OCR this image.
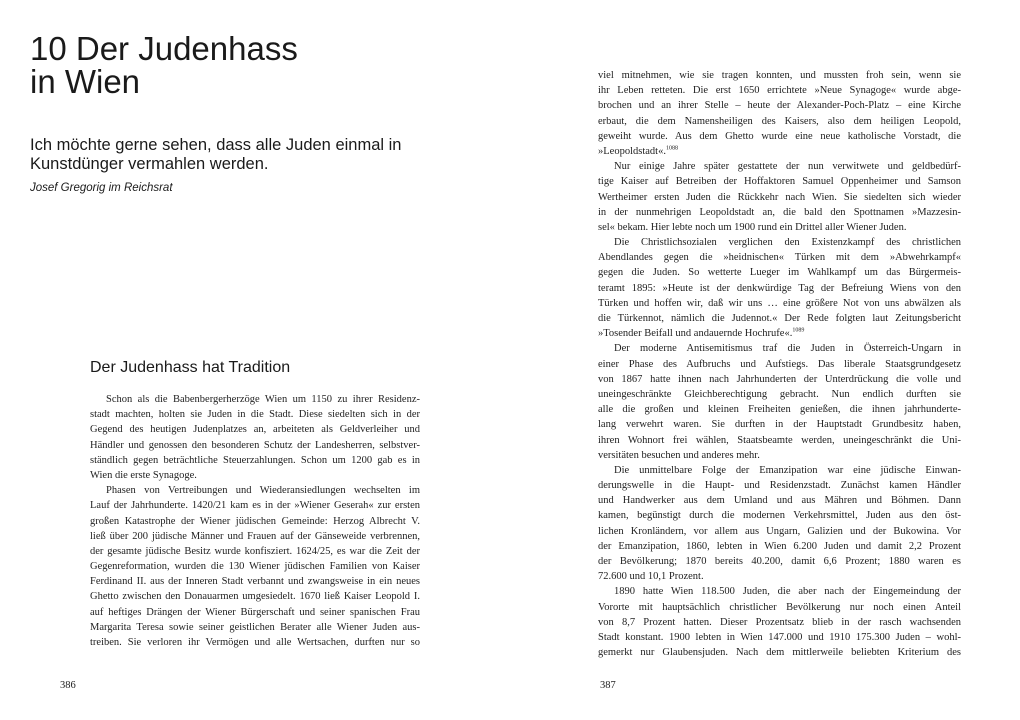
10 Der Judenhass
in Wien

Ich möchte gerne sehen, dass alle Juden einmal in
Kunstdünger vermahlen werden.

Josef Gregorig im Reichsrat
Der Judenhass hat Tradition
Schon als die Babenbergerherzöge Wien um 1150 zu ihrer Residenz-
stadt machten, holten sie Juden in die Stadt. Diese siedelten sich in der
Gegend des heutigen Judenplatzes an, arbeiteten als Geldverleiher und
Händler und genossen den besonderen Schutz der Landesherren, selbstver-
ständlich gegen beträchtliche Steuerzahlungen. Schon um 1200 gab es in
Wien die erste Synagoge.
Phasen von Vertreibungen und Wiederansiedlungen wechselten im
Lauf der Jahrhunderte. 1420/21 kam es in der »Wiener Geserah« zur ersten
großen Katastrophe der Wiener jüdischen Gemeinde: Herzog Albrecht V.
ließ über 200 jüdische Männer und Frauen auf der Gänseweide verbrennen,
der gesamte jüdische Besitz wurde konfisziert. 1624/25, es war die Zeit der
Gegenreformation, wurden die 130 Wiener jüdischen Familien von Kaiser
Ferdinand II. aus der Inneren Stadt verbannt und zwangsweise in ein neues
Ghetto zwischen den Donauarmen umgesiedelt. 1670 ließ Kaiser Leopold I.
auf heftiges Drängen der Wiener Bürgerschaft und seiner spanischen Frau
Margarita Teresa sowie seiner geistlichen Berater alle Wiener Juden aus-
treiben. Sie verloren ihr Vermögen und alle Wertsachen, durften nur so
386
viel mitnehmen, wie sie tragen konnten, und mussten froh sein, wenn sie
ihr Leben retteten. Die erst 1650 errichtete »Neue Synagoge« wurde abge-
brochen und an ihrer Stelle – heute der Alexander-Poch-Platz – eine Kirche
erbaut, die dem Namensheiligen des Kaisers, also dem heiligen Leopold,
geweiht wurde. Aus dem Ghetto wurde eine neue katholische Vorstadt, die
»Leopoldstadt«.$^{1088}$
Nur einige Jahre später gestattete der nun verwitwete und geldbedürf-
tige Kaiser auf Betreiben der Hoffaktoren Samuel Oppenheimer und Samson
Wertheimer ersten Juden die Rückkehr nach Wien. Sie siedelten sich wieder
in der nunmehrigen Leopoldstadt an, die bald den Spottnamen »Mazzesin-
sel« bekam. Hier lebte noch um 1900 rund ein Drittel aller Wiener Juden.
Die Christlichsozialen verglichen den Existenzkampf des christlichen
Abendlandes gegen die »heidnischen« Türken mit dem »Abwehrkampf«
gegen die Juden. So wetterte Lueger im Wahlkampf um das Bürgermeis-
teramt 1895: »Heute ist der denkwürdige Tag der Befreiung Wiens von den
Türken und hoffen wir, daß wir uns … eine größere Not von uns abwälzen als
die Türkennot, nämlich die Judennot.« Der Rede folgten laut Zeitungsbericht
»Tosender Beifall und andauernde Hochrufe«.$^{1089}$
Der moderne Antisemitismus traf die Juden in Österreich-Ungarn in
einer Phase des Aufbruchs und Aufstiegs. Das liberale Staatsgrundgesetz
von 1867 hatte ihnen nach Jahrhunderten der Unterdrückung die volle und
uneingeschränkte Gleichberechtigung gebracht. Nun endlich durften sie
alle die großen und kleinen Freiheiten genießen, die ihnen jahrhunderte-
lang verwehrt waren. Sie durften in der Hauptstadt Grundbesitz haben,
ihren Wohnort frei wählen, Staatsbeamte werden, uneingeschränkt die Uni-
versitäten besuchen und anderes mehr.
Die unmittelbare Folge der Emanzipation war eine jüdische Einwan-
derungswelle in die Haupt- und Residenzstadt. Zunächst kamen Händler
und Handwerker aus dem Umland und aus Mähren und Böhmen. Dann
kamen, begünstigt durch die modernen Verkehrsmittel, Juden aus den öst-
lichen Kronländern, vor allem aus Ungarn, Galizien und der Bukowina. Vor
der Emanzipation, 1860, lebten in Wien 6.200 Juden und damit 2,2 Prozent
der Bevölkerung; 1870 bereits 40.200, damit 6,6 Prozent; 1880 waren es
72.600 und 10,1 Prozent.
1890 hatte Wien 118.500 Juden, die aber nach der Eingemeindung der
Vororte mit hauptsächlich christlicher Bevölkerung nur noch einen Anteil
von 8,7 Prozent hatten. Dieser Prozentsatz blieb in der rasch wachsenden
Stadt konstant. 1900 lebten in Wien 147.000 und 1910 175.300 Juden – wohl-
gemerkt nur Glaubensjuden. Nach dem mittlerweile beliebten Kriterium des
387
